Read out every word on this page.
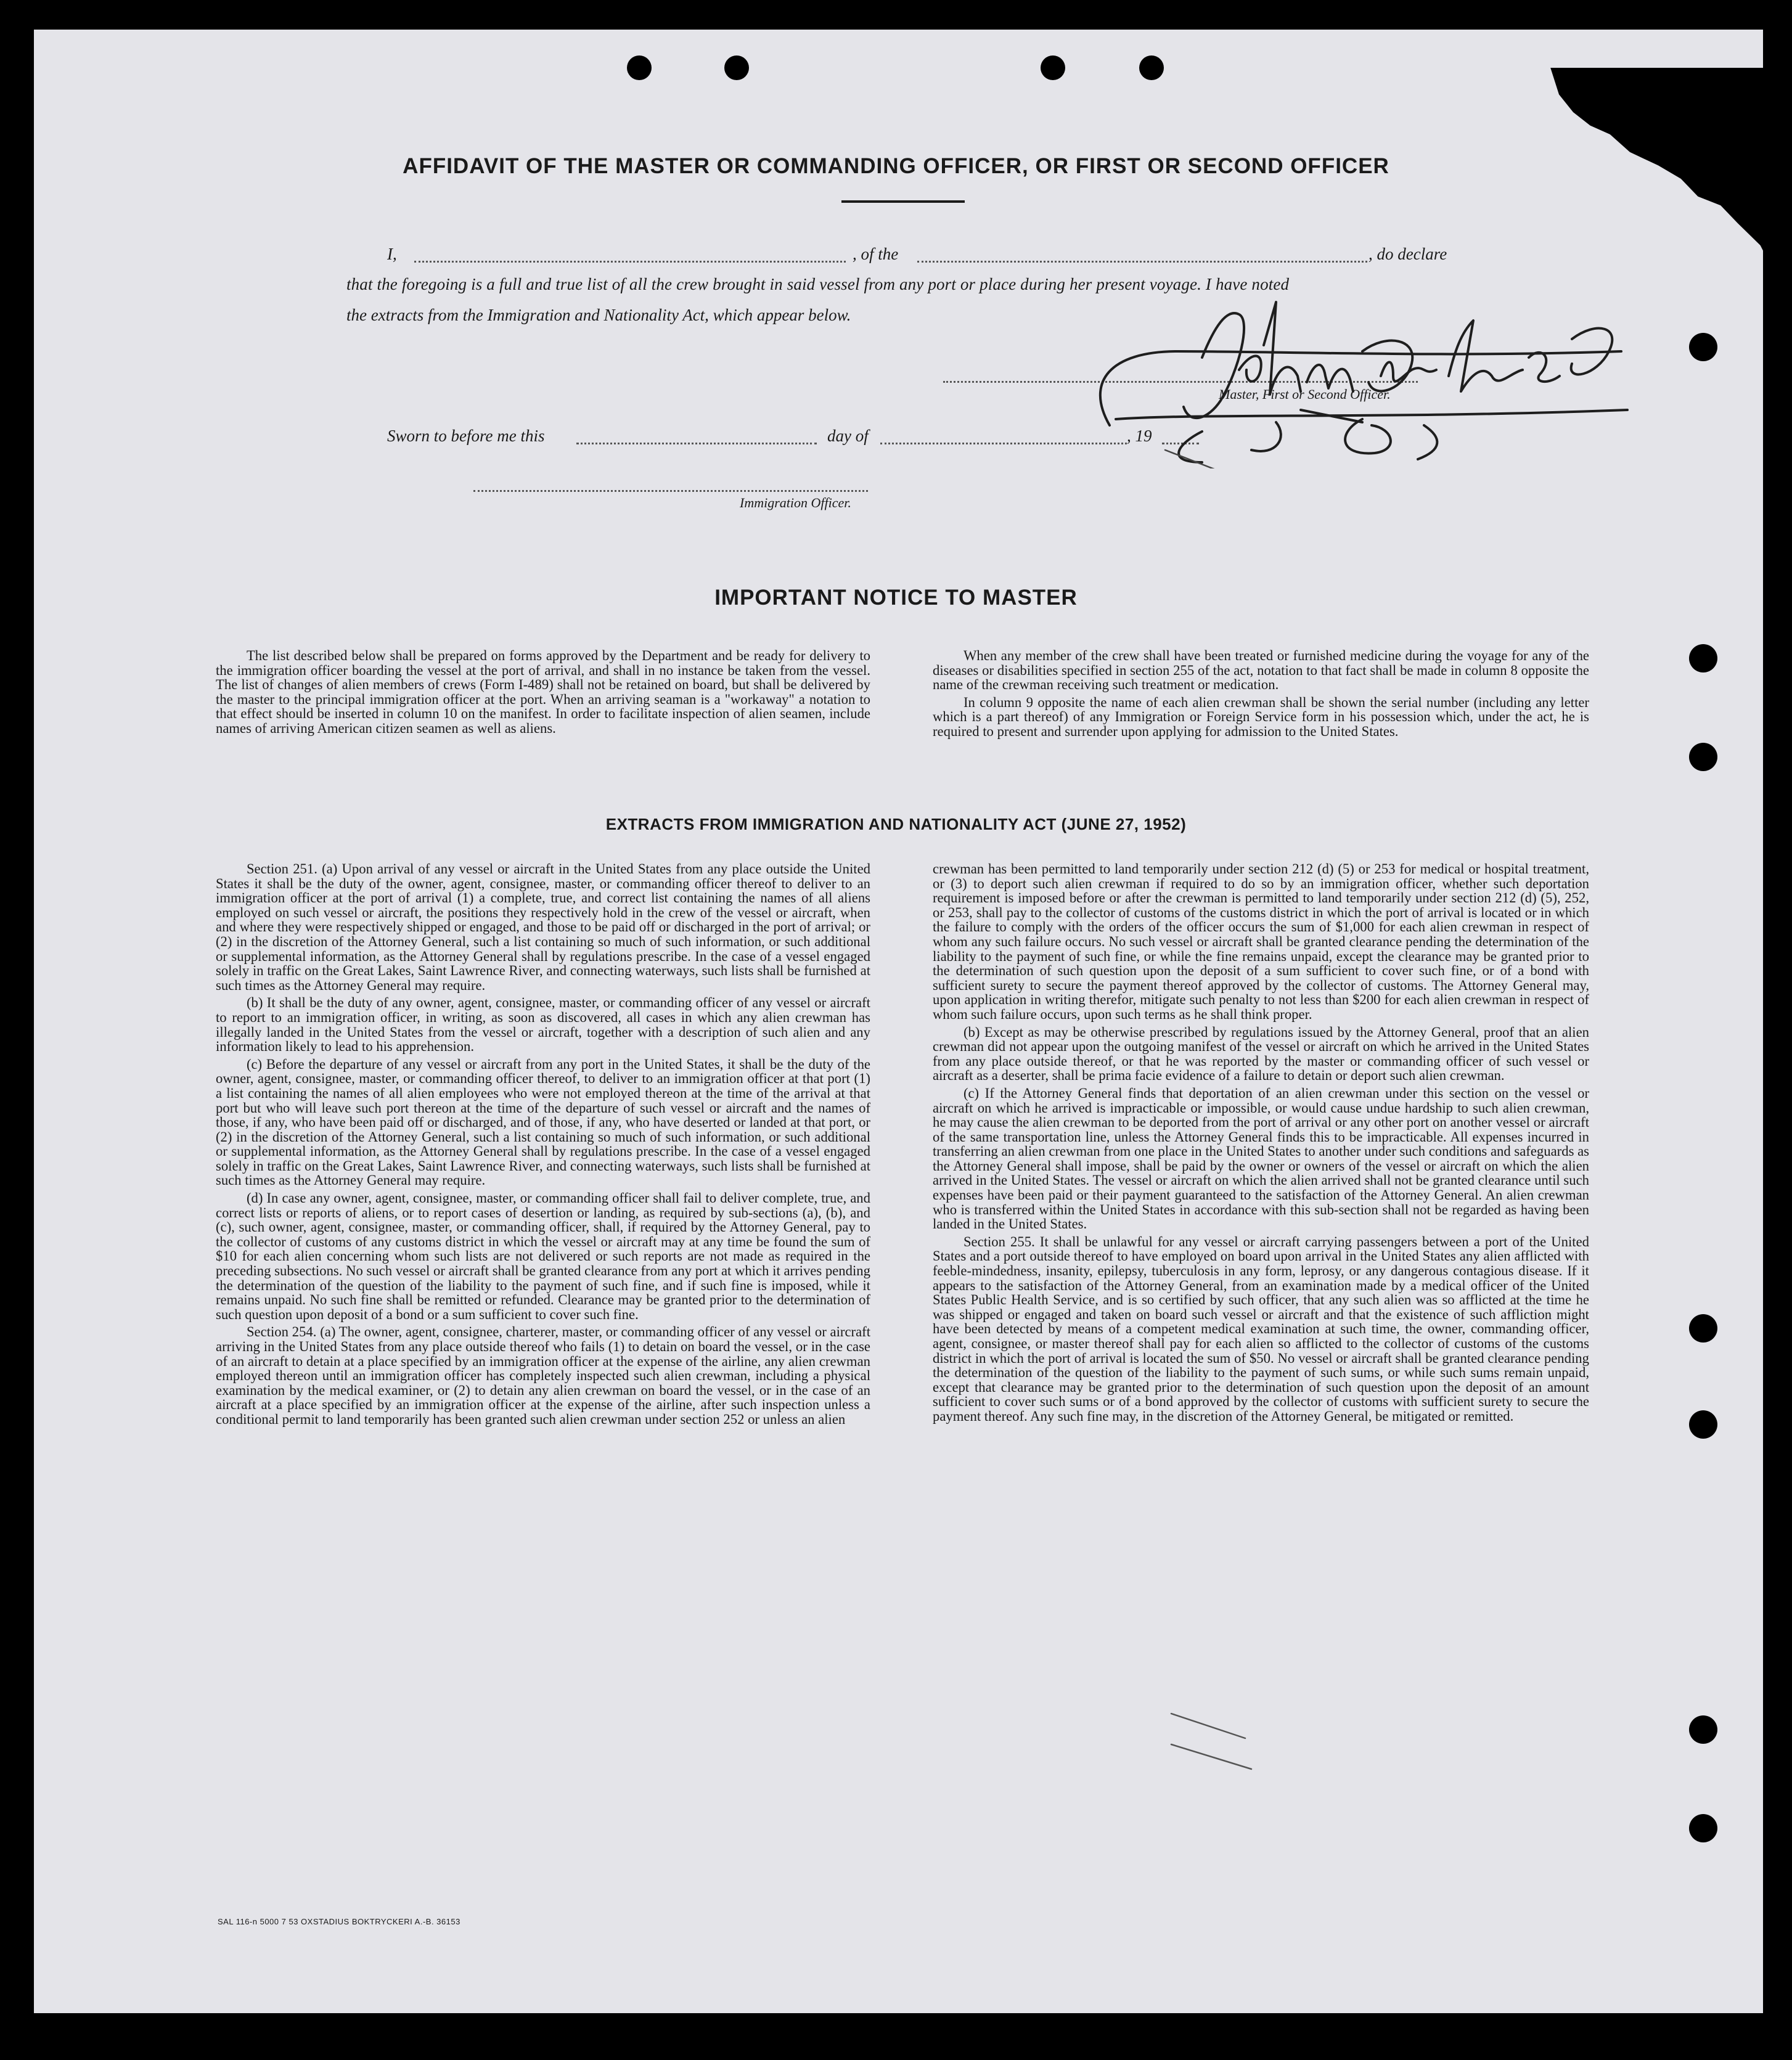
AFFIDAVIT OF THE MASTER OR COMMANDING OFFICER, OR FIRST OR SECOND OFFICER
I,	, of the	, do declare
that the foregoing is a full and true list of all the crew brought in said vessel from any port or place during her present voyage. I have noted
the extracts from the Immigration and Nationality Act, which appear below.
Master, First or Second Officer.
Sworn to before me this	day of	, 19
Immigration Officer.
IMPORTANT NOTICE TO MASTER

The list described below shall be prepared on forms approved by the Department and be ready for delivery to the immigration officer boarding the vessel at the port of arrival, and shall in no instance be taken from the vessel. The list of changes of alien members of crews (Form I-489) shall not be retained on board, but shall be delivered by the master to the principal immigration officer at the port. When an arriving seaman is a "workaway" a notation to that effect should be inserted in column 10 on the manifest. In order to facilitate inspection of alien seamen, include names of arriving American citizen seamen as well as aliens.

When any member of the crew shall have been treated or furnished medicine during the voyage for any of the diseases or disabilities specified in section 255 of the act, notation to that fact shall be made in column 8 opposite the name of the crewman receiving such treatment or medication.

In column 9 opposite the name of each alien crewman shall be shown the serial number (including any letter which is a part thereof) of any Immigration or Foreign Service form in his possession which, under the act, he is required to present and surrender upon applying for admission to the United States.

EXTRACTS FROM IMMIGRATION AND NATIONALITY ACT (JUNE 27, 1952)

Section 251. (a) Upon arrival of any vessel or aircraft in the United States from any place outside the United States it shall be the duty of the owner, agent, consignee, master, or commanding officer thereof to deliver to an immigration officer at the port of arrival (1) a complete, true, and correct list containing the names of all aliens employed on such vessel or aircraft, the positions they respectively hold in the crew of the vessel or aircraft, when and where they were respectively shipped or engaged, and those to be paid off or discharged in the port of arrival; or (2) in the discretion of the Attorney General, such a list containing so much of such information, or such additional or supplemental information, as the Attorney General shall by regulations prescribe. In the case of a vessel engaged solely in traffic on the Great Lakes, Saint Lawrence River, and connecting waterways, such lists shall be furnished at such times as the Attorney General may require.

(b) It shall be the duty of any owner, agent, consignee, master, or commanding officer of any vessel or aircraft to report to an immigration officer, in writing, as soon as discovered, all cases in which any alien crewman has illegally landed in the United States from the vessel or aircraft, together with a description of such alien and any information likely to lead to his apprehension.

(c) Before the departure of any vessel or aircraft from any port in the United States, it shall be the duty of the owner, agent, consignee, master, or commanding officer thereof, to deliver to an immigration officer at that port (1) a list containing the names of all alien employees who were not employed thereon at the time of the arrival at that port but who will leave such port thereon at the time of the departure of such vessel or aircraft and the names of those, if any, who have been paid off or discharged, and of those, if any, who have deserted or landed at that port, or (2) in the discretion of the Attorney General, such a list containing so much of such information, or such additional or supplemental information, as the Attorney General shall by regulations prescribe. In the case of a vessel engaged solely in traffic on the Great Lakes, Saint Lawrence River, and connecting waterways, such lists shall be furnished at such times as the Attorney General may require.

(d) In case any owner, agent, consignee, master, or commanding officer shall fail to deliver complete, true, and correct lists or reports of aliens, or to report cases of desertion or landing, as required by sub-sections (a), (b), and (c), such owner, agent, consignee, master, or commanding officer, shall, if required by the Attorney General, pay to the collector of customs of any customs district in which the vessel or aircraft may at any time be found the sum of $10 for each alien concerning whom such lists are not delivered or such reports are not made as required in the preceding subsections. No such vessel or aircraft shall be granted clearance from any port at which it arrives pending the determination of the question of the liability to the payment of such fine, and if such fine is imposed, while it remains unpaid. No such fine shall be remitted or refunded. Clearance may be granted prior to the determination of such question upon deposit of a bond or a sum sufficient to cover such fine.

Section 254. (a) The owner, agent, consignee, charterer, master, or commanding officer of any vessel or aircraft arriving in the United States from any place outside thereof who fails (1) to detain on board the vessel, or in the case of an aircraft to detain at a place specified by an immigration officer at the expense of the airline, any alien crewman employed thereon until an immigration officer has completely inspected such alien crewman, including a physical examination by the medical examiner, or (2) to detain any alien crewman on board the vessel, or in the case of an aircraft at a place specified by an immigration officer at the expense of the airline, after such inspection unless a conditional permit to land temporarily has been granted such alien crewman under section 252 or unless an alien

crewman has been permitted to land temporarily under section 212 (d) (5) or 253 for medical or hospital treatment, or (3) to deport such alien crewman if required to do so by an immigration officer, whether such deportation requirement is imposed before or after the crewman is permitted to land temporarily under section 212 (d) (5), 252, or 253, shall pay to the collector of customs of the customs district in which the port of arrival is located or in which the failure to comply with the orders of the officer occurs the sum of $1,000 for each alien crewman in respect of whom any such failure occurs. No such vessel or aircraft shall be granted clearance pending the determination of the liability to the payment of such fine, or while the fine remains unpaid, except the clearance may be granted prior to the determination of such question upon the deposit of a sum sufficient to cover such fine, or of a bond with sufficient surety to secure the payment thereof approved by the collector of customs. The Attorney General may, upon application in writing therefor, mitigate such penalty to not less than $200 for each alien crewman in respect of whom such failure occurs, upon such terms as he shall think proper.

(b) Except as may be otherwise prescribed by regulations issued by the Attorney General, proof that an alien crewman did not appear upon the outgoing manifest of the vessel or aircraft on which he arrived in the United States from any place outside thereof, or that he was reported by the master or commanding officer of such vessel or aircraft as a deserter, shall be prima facie evidence of a failure to detain or deport such alien crewman.

(c) If the Attorney General finds that deportation of an alien crewman under this section on the vessel or aircraft on which he arrived is impracticable or impossible, or would cause undue hardship to such alien crewman, he may cause the alien crewman to be deported from the port of arrival or any other port on another vessel or aircraft of the same transportation line, unless the Attorney General finds this to be impracticable. All expenses incurred in transferring an alien crewman from one place in the United States to another under such conditions and safeguards as the Attorney General shall impose, shall be paid by the owner or owners of the vessel or aircraft on which the alien arrived in the United States. The vessel or aircraft on which the alien arrived shall not be granted clearance until such expenses have been paid or their payment guaranteed to the satisfaction of the Attorney General. An alien crewman who is transferred within the United States in accordance with this sub-section shall not be regarded as having been landed in the United States.

Section 255. It shall be unlawful for any vessel or aircraft carrying passengers between a port of the United States and a port outside thereof to have employed on board upon arrival in the United States any alien afflicted with feeble-mindedness, insanity, epilepsy, tuberculosis in any form, leprosy, or any dangerous contagious disease. If it appears to the satisfaction of the Attorney General, from an examination made by a medical officer of the United States Public Health Service, and is so certified by such officer, that any such alien was so afflicted at the time he was shipped or engaged and taken on board such vessel or aircraft and that the existence of such affliction might have been detected by means of a competent medical examination at such time, the owner, commanding officer, agent, consignee, or master thereof shall pay for each alien so afflicted to the collector of customs of the customs district in which the port of arrival is located the sum of $50. No vessel or aircraft shall be granted clearance pending the determination of the question of the liability to the payment of such sums, or while such sums remain unpaid, except that clearance may be granted prior to the determination of such question upon the deposit of an amount sufficient to cover such sums or of a bond approved by the collector of customs with sufficient surety to secure the payment thereof. Any such fine may, in the discretion of the Attorney General, be mitigated or remitted.

SAL 116-n 5000 7 53 OXSTADIUS BOKTRYCKERI A.-B. 36153
